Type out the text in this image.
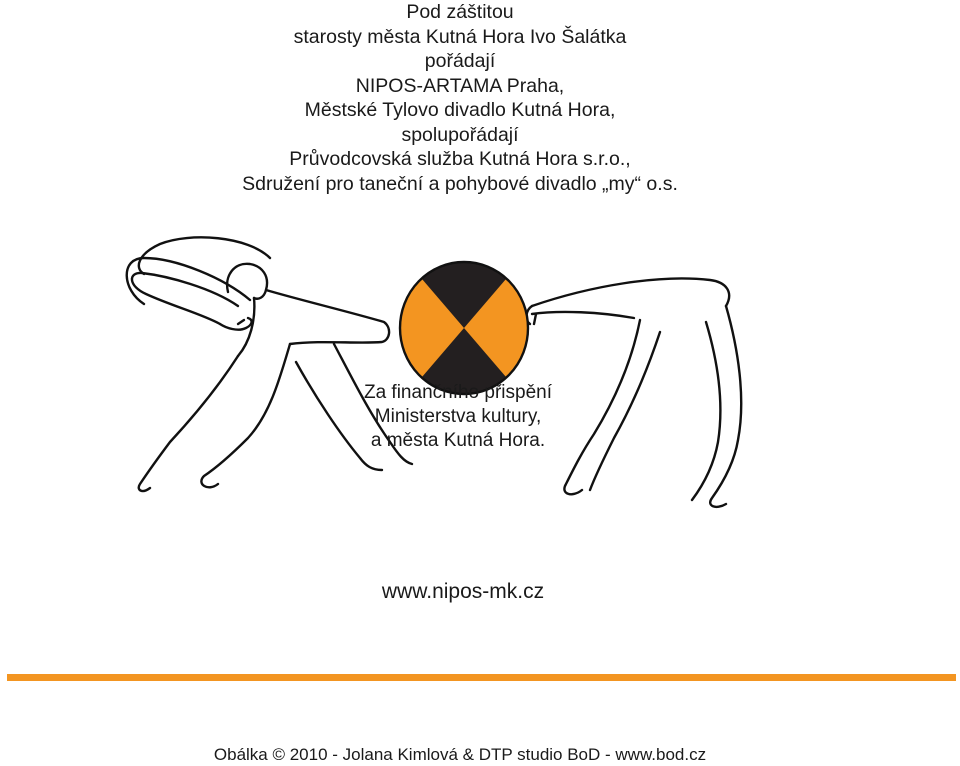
Pod záštitou
starosty města Kutná Hora Ivo Šalátka
pořádají
NIPOS-ARTAMA Praha,
Městské Tylovo divadlo Kutná Hora,
spolupořádají
Průvodcovská služba Kutná Hora s.r.o.,
Sdružení pro taneční a pohybové divadlo „my“ o.s.
Za finančního přispění
Ministerstva kultury,
a města Kutná Hora.
www.nipos-mk.cz
Obálka © 2010 - Jolana Kimlová & DTP studio BoD - www.bod.cz
